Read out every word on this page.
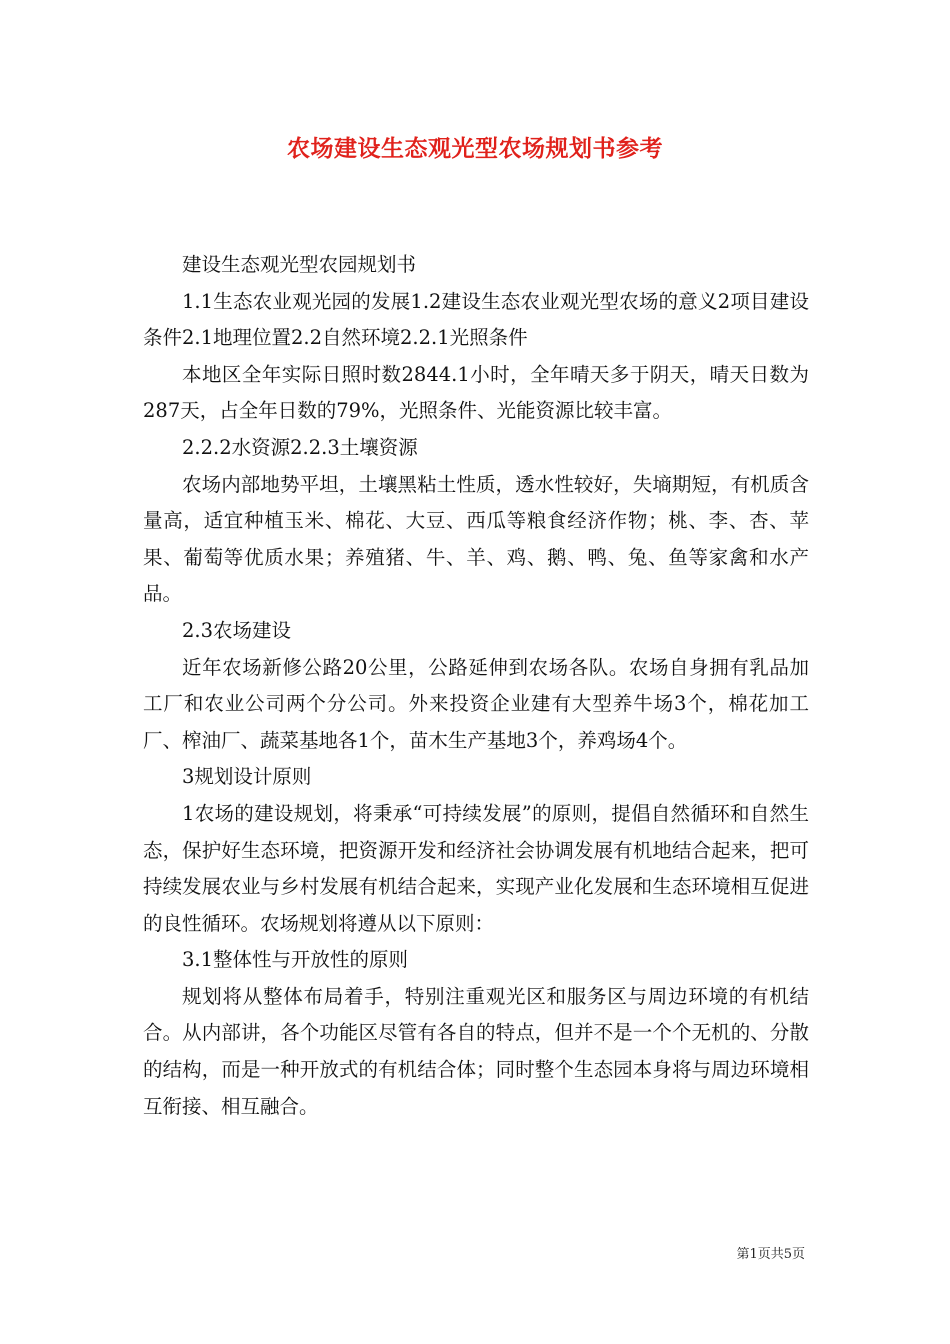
农场建设生态观光型农场规划书参考

建设生态观光型农园规划书

1.1生态农业观光园的发展1.2建设生态农业观光型农场的意义2项目建设条件2.1地理位置2.2自然环境2.2.1光照条件

本地区全年实际日照时数2844.1小时，全年晴天多于阴天，晴天日数为287天，占全年日数的79%，光照条件、光能资源比较丰富。

2.2.2水资源2.2.3土壤资源

农场内部地势平坦，土壤黑粘土性质，透水性较好，失墒期短，有机质含量高，适宜种植玉米、棉花、大豆、西瓜等粮食经济作物；桃、李、杏、苹果、葡萄等优质水果；养殖猪、牛、羊、鸡、鹅、鸭、兔、鱼等家禽和水产品。

2.3农场建设

近年农场新修公路20公里，公路延伸到农场各队。农场自身拥有乳品加工厂和农业公司两个分公司。外来投资企业建有大型养牛场3个，棉花加工厂、榨油厂、蔬菜基地各1个，苗木生产基地3个，养鸡场4个。

3规划设计原则

1农场的建设规划，将秉承“可持续发展”的原则，提倡自然循环和自然生态，保护好生态环境，把资源开发和经济社会协调发展有机地结合起来，把可持续发展农业与乡村发展有机结合起来，实现产业化发展和生态环境相互促进的良性循环。农场规划将遵从以下原则：

3.1整体性与开放性的原则

规划将从整体布局着手，特别注重观光区和服务区与周边环境的有机结合。从内部讲，各个功能区尽管有各自的特点，但并不是一个个无机的、分散的结构，而是一种开放式的有机结合体；同时整个生态园本身将与周边环境相互衔接、相互融合。

第1页共5页
